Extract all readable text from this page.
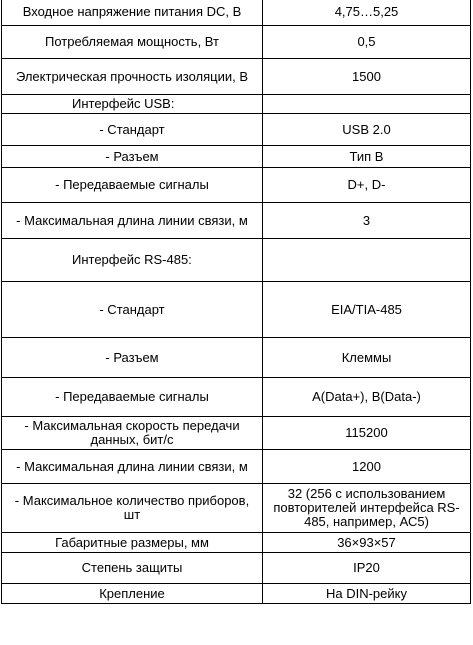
Входное напряжение питания DC, В	4,75…5,25
Потребляемая мощность, Вт	0,5
Электрическая прочность изоляции, В	1500
Интерфейс USB:	
- Стандарт	USB 2.0
- Разъем	Тип B
- Передаваемые сигналы	D+, D-
- Максимальная длина линии связи, м	3
Интерфейс RS-485:	
- Стандарт	EIA/TIA-485
- Разъем	Клеммы
- Передаваемые сигналы	A(Data+), B(Data-)
- Максимальная скорость передачи данных, бит/с	115200
- Максимальная длина линии связи, м	1200
- Максимальное количество приборов, шт	32 (256 с использованием повторителей интерфейса RS-485, например, АС5)
Габаритные размеры, мм	36×93×57
Степень защиты	IP20
Крепление	На DIN-рейку
